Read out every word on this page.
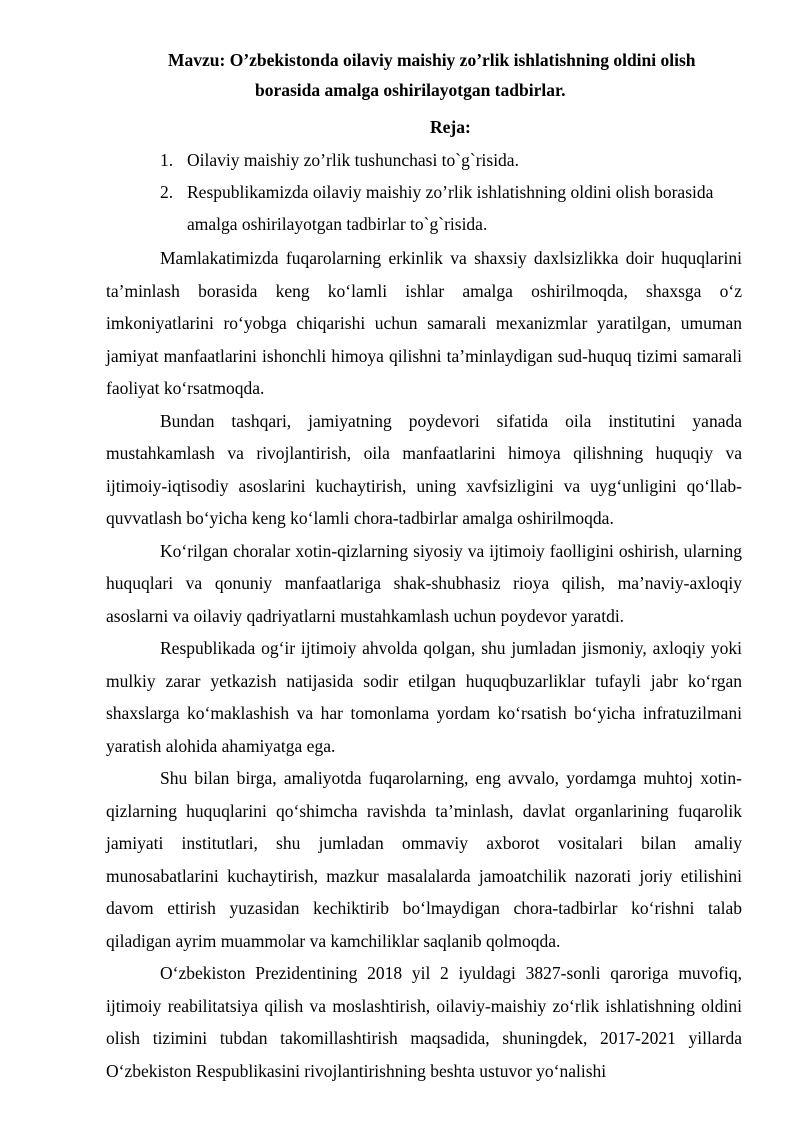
Mavzu: O’zbekistonda oilaviy maishiy zo’rlik ishlatishning oldini olish
borasida amalga oshirilayotgan tadbirlar.
Reja:
1. Oilaviy maishiy zo’rlik tushunchasi to`g`risida.
2. Respublikamizda oilaviy maishiy zo’rlik ishlatishning oldini olish borasida amalga oshirilayotgan tadbirlar to`g`risida.

Mamlakatimizda fuqarolarning erkinlik va shaxsiy daxlsizlikka doir huquqlarini ta’minlash borasida keng ko‘lamli ishlar amalga oshirilmoqda, shaxsga o‘z imkoniyatlarini ro‘yobga chiqarishi uchun samarali mexanizmlar yaratilgan, umuman jamiyat manfaatlarini ishonchli himoya qilishni ta’minlaydigan sud-huquq tizimi samarali faoliyat ko‘rsatmoqda.

Bundan tashqari, jamiyatning poydevori sifatida oila institutini yanada mustahkamlash va rivojlantirish, oila manfaatlarini himoya qilishning huquqiy va ijtimoiy-iqtisodiy asoslarini kuchaytirish, uning xavfsizligini va uyg‘unligini qo‘llab-quvvatlash bo‘yicha keng ko‘lamli chora-tadbirlar amalga oshirilmoqda.

Ko‘rilgan choralar xotin-qizlarning siyosiy va ijtimoiy faolligini oshirish, ularning huquqlari va qonuniy manfaatlariga shak-shubhasiz rioya qilish, ma’naviy-axloqiy asoslarni va oilaviy qadriyatlarni mustahkamlash uchun poydevor yaratdi.

Respublikada og‘ir ijtimoiy ahvolda qolgan, shu jumladan jismoniy, axloqiy yoki mulkiy zarar yetkazish natijasida sodir etilgan huquqbuzarliklar tufayli jabr ko‘rgan shaxslarga ko‘maklashish va har tomonlama yordam ko‘rsatish bo‘yicha infratuzilmani yaratish alohida ahamiyatga ega.

Shu bilan birga, amaliyotda fuqarolarning, eng avvalo, yordamga muhtoj xotin-qizlarning huquqlarini qo‘shimcha ravishda ta’minlash, davlat organlarining fuqarolik jamiyati institutlari, shu jumladan ommaviy axborot vositalari bilan amaliy munosabatlarini kuchaytirish, mazkur masalalarda jamoatchilik nazorati joriy etilishini davom ettirish yuzasidan kechiktirib bo‘lmaydigan chora-tadbirlar ko‘rishni talab qiladigan ayrim muammolar va kamchiliklar saqlanib qolmoqda.

O‘zbekiston Prezidentining 2018 yil 2 iyuldagi 3827-sonli qaroriga muvofiq, ijtimoiy reabilitatsiya qilish va moslashtirish, oilaviy-maishiy zo‘rlik ishlatishning oldini olish tizimini tubdan takomillashtirish maqsadida, shuningdek, 2017-2021 yillarda O‘zbekiston Respublikasini rivojlantirishning beshta ustuvor yo‘nalishi
